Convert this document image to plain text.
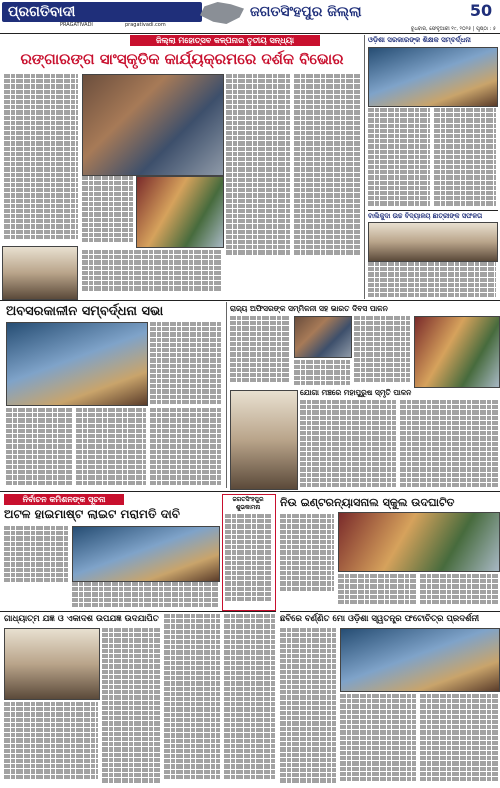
ପ୍ରଗତିବାଦୀ
PRAGATIVADI	pragativadi.com
ଜଗତସିଂହପୁର ଜିଲ୍ଲା	50
ବୁଧବାର, ଫେବୃଆରୀ ୧୯, ୨୦୨୫ | ପୃଷ୍ଠା : ୫
ଜିଲ୍ଲା ମହୋତ୍ସବ କଳ୍ପନାର ତୃତୀୟ ସନ୍ଧ୍ୟା
ରଙ୍ଗାରଙ୍ଗ ସାଂସ୍କୃତିକ କାର୍ଯ୍ୟକ୍ରମରେ ଦର୍ଶକ ବିଭୋର
ଓଡ଼ିଶା ସରକାରଙ୍କ ଶିକ୍ଷକ ସମ୍ବର୍ଦ୍ଧନା
ବାଲିକୁଦା ଉଚ୍ଚ ବିଦ୍ୟାଳୟ ଛାତ୍ରୀଙ୍କ ସଫଳତା
ଅବସରକାଳୀନ ସମ୍ବର୍ଦ୍ଧନା ସଭା	ରାଜ୍ୟ ଅଫିସରଙ୍କ ସମ୍ମିଳନୀ ସହ ଭାରତ ଦିବସ ପାଳନ
ଯୋଗା ମଞ୍ଚରେ ମହାପୁରୁଷ ସ୍ମୃତି ପାଳନ
ନିର୍ବାଚନ କମିଶନଙ୍କ ସୂଚନା
ଅଟଳ ହାଇମାଷ୍ଟ ଲାଇଟ ମରାମତି ଦାବି
ଜଗତସିଂହପୁର ଶୁଭକାମନା	ନିଉ ଇଣ୍ଟରନ୍ୟାସନାଲ ସ୍କୁଲ ଉଦଘାଟିତ
ଗାଧ୍ୟାତ୍ମ ଯଜ୍ଞ ଓ ଏକାଦଶ ଉପଯଜ୍ଞ ଉଦଯାପିତ	ଛବିରେ ବର୍ଣ୍ଣିତ ମୋ ଓଡ଼ିଶା ସ୍ୱତନ୍ତ୍ର ଫଟୋଚିତ୍ର ପ୍ରଦର୍ଶନୀ
